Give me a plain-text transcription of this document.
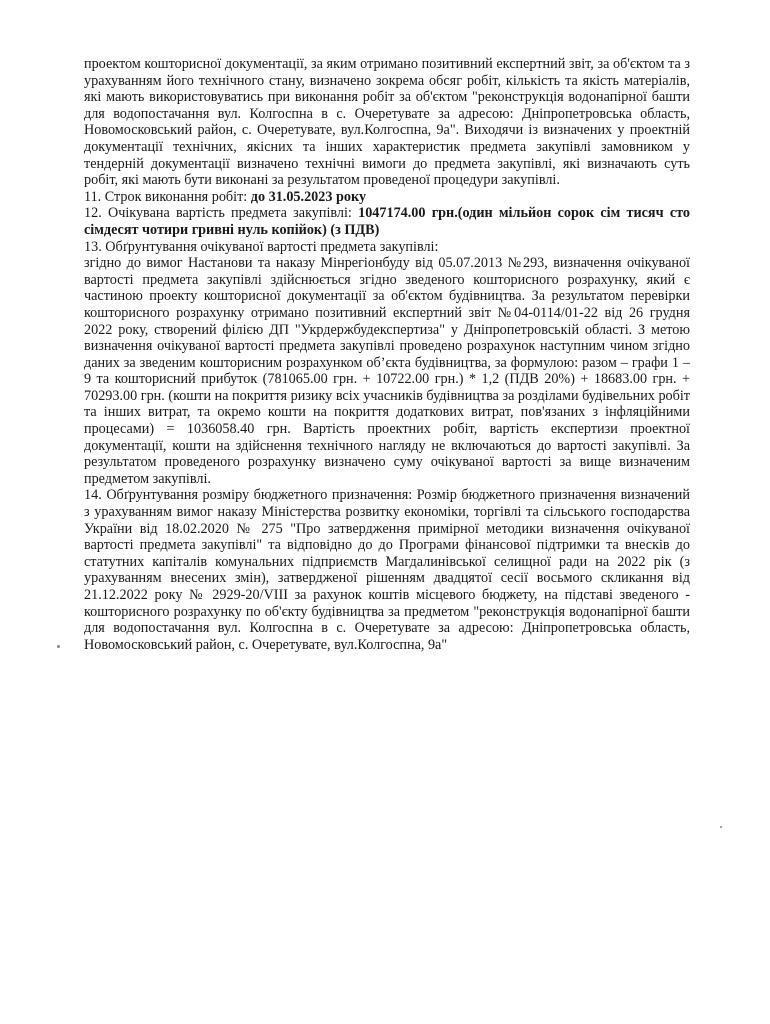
проектом кошторисної документації, за яким отримано позитивний експертний звіт, за об'єктом та з урахуванням його технічного стану, визначено зокрема обсяг робіт, кількість та якість матеріалів, які мають використовуватись при виконання робіт за об'єктом "реконструкція водонапірної башти для водопостачання вул. Колгоспна в с. Очеретувате за адресою: Дніпропетровська область, Новомосковський район, с. Очеретувате, вул.Колгоспна, 9а". Виходячи із визначених у проектній документації технічних, якісних та інших характеристик предмета закупівлі замовником у тендерній документації визначено технічні вимоги до предмета закупівлі, які визначають суть робіт, які мають бути виконані за результатом проведеної процедури закупівлі.

11. Строк виконання робіт: до 31.05.2023 року

12. Очікувана вартість предмета закупівлі: 1047174.00 грн.(один мільйон сорок сім тисяч сто сімдесят чотири гривні нуль копійок) (з ПДВ)

13. Обґрунтування очікуваної вартості предмета закупівлі:

згідно до вимог Настанови та наказу Мінрегіонбуду від 05.07.2013 №293, визначення очікуваної вартості предмета закупівлі здійснюється згідно зведеного кошторисного розрахунку, який є частиною проекту кошторисної документації за об'єктом будівництва. За результатом перевірки кошторисного розрахунку отримано позитивний експертний звіт №04-0114/01-22 від 26 грудня 2022 року, створений філією ДП "Укрдержбудекспертиза" у Дніпропетровській області. З метою визначення очікуваної вартості предмета закупівлі проведено розрахунок наступним чином згідно даних за зведеним кошторисним розрахунком об’єкта будівництва, за формулою: разом – графи 1 – 9 та кошторисний прибуток (781065.00 грн. + 10722.00 грн.) * 1,2 (ПДВ 20%) + 18683.00 грн. + 70293.00 грн. (кошти на покриття ризику всіх учасників будівництва за розділами будівельних робіт та інших витрат, та окремо кошти на покриття додаткових витрат, пов'язаних з інфляційними процесами) = 1036058.40 грн. Вартість проектних робіт, вартість експертизи проектної документації, кошти на здійснення технічного нагляду не включаються до вартості закупівлі. За результатом проведеного розрахунку визначено суму очікуваної вартості за вище визначеним предметом закупівлі.

14. Обґрунтування розміру бюджетного призначення: Розмір бюджетного призначення визначений з урахуванням вимог наказу Міністерства розвитку економіки, торгівлі та сільського господарства України від 18.02.2020 № 275 "Про затвердження примірної методики визначення очікуваної вартості предмета закупівлі" та відповідно до до Програми фінансової підтримки та внесків до статутних капіталів комунальних підприємств Магдалинівської селищної ради на 2022 рік (з урахуванням внесених змін), затвердженої рішенням двадцятої сесії восьмого скликання від 21.12.2022 року № 2929-20/VIII за рахунок коштів місцевого бюджету, на підставі зведеного - кошторисного розрахунку по об'єкту будівництва за предметом "реконструкція водонапірної башти для водопостачання вул. Колгоспна в с. Очеретувате за адресою: Дніпропетровська область, Новомосковський район, с. Очеретувате, вул.Колгоспна, 9а"
